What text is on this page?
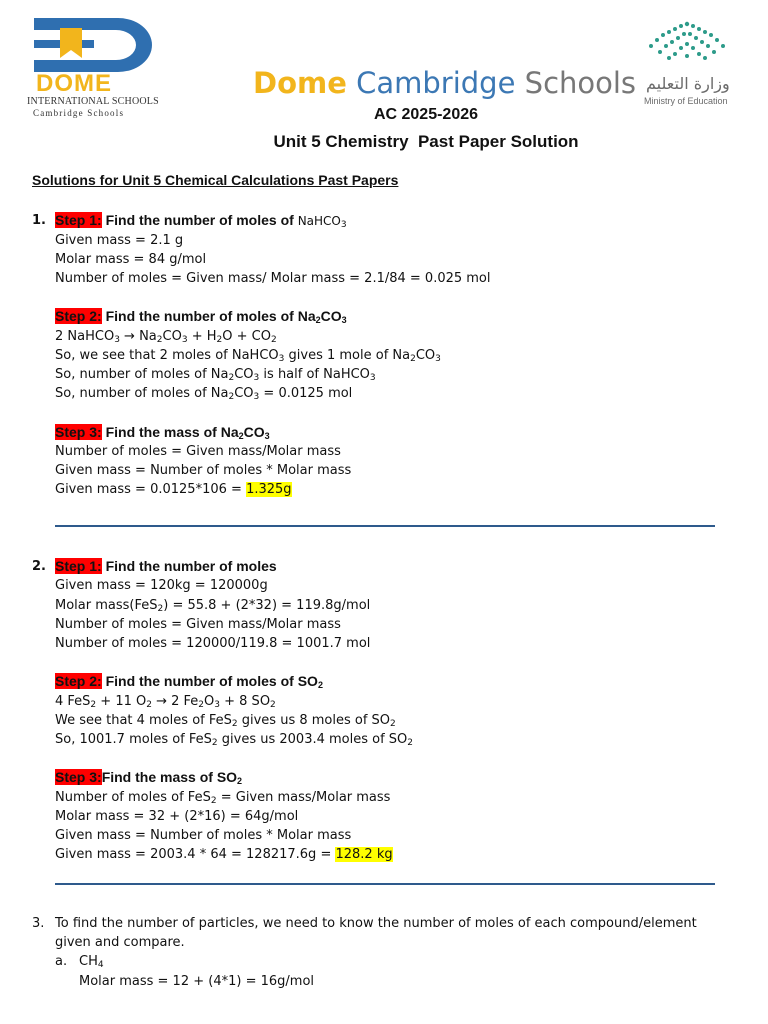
DOME
INTERNATIONAL SCHOOLS
Cambridge Schools
Dome Cambridge Schools وزارة التعليم
Ministry of Education
AC 2025-2026
Unit 5 Chemistry  Past Paper Solution
Solutions for Unit 5 Chemical Calculations Past Papers
1. Step 1: Find the number of moles of NaHCO$_3$
Given mass = 2.1 g
Molar mass = 84 g/mol
Number of moles = Given mass/ Molar mass = 2.1/84 = 0.025 mol
Step 2: Find the number of moles of $Na_2CO_3$
2 NaHCO$_3$ → $Na_2CO_3 + H_2O + CO_2$
So, we see that 2 moles of NaHCO$_3$ gives 1 mole of $Na_2CO_3$
So, number of moles of $Na_2CO_3$ is half of NaHCO$_3$
So, number of moles of $Na_2CO_3 = 0.0125$ mol
Step 3: Find the mass of $Na_2CO_3$
Number of moles = Given mass/Molar mass
Given mass = Number of moles * Molar mass
Given mass = 0.0125*106 = 1.325g
2. Step 1: Find the number of moles
Given mass = 120kg = 120000g
Molar mass(FeS$_2$) = 55.8 + (2*32) = 119.8g/mol
Number of moles = Given mass/Molar mass
Number of moles = 120000/119.8 = 1001.7 mol
Step 2: Find the number of moles of $SO_2$
4 FeS$_2$ + 11 $O_2 \to 2$ $Fe_2O_3 + 8$ $SO_2$
We see that 4 moles of FeS$_2$ gives us 8 moles of $SO_2$
So, 1001.7 moles of FeS$_2$ gives us 2003.4 moles of $SO_2$
Step 3:Find the mass of $SO_2$
Number of moles of FeS$_2$ = Given mass/Molar mass
Molar mass = 32 + (2*16) = 64g/mol
Given mass = Number of moles * Molar mass
Given mass = 2003.4 * 64 = 128217.6g = 128.2 kg
3. To find the number of particles, we need to know the number of moles of each compound/element
given and compare.
a. $CH_4$
Molar mass = 12 + (4*1) = 16g/mol
